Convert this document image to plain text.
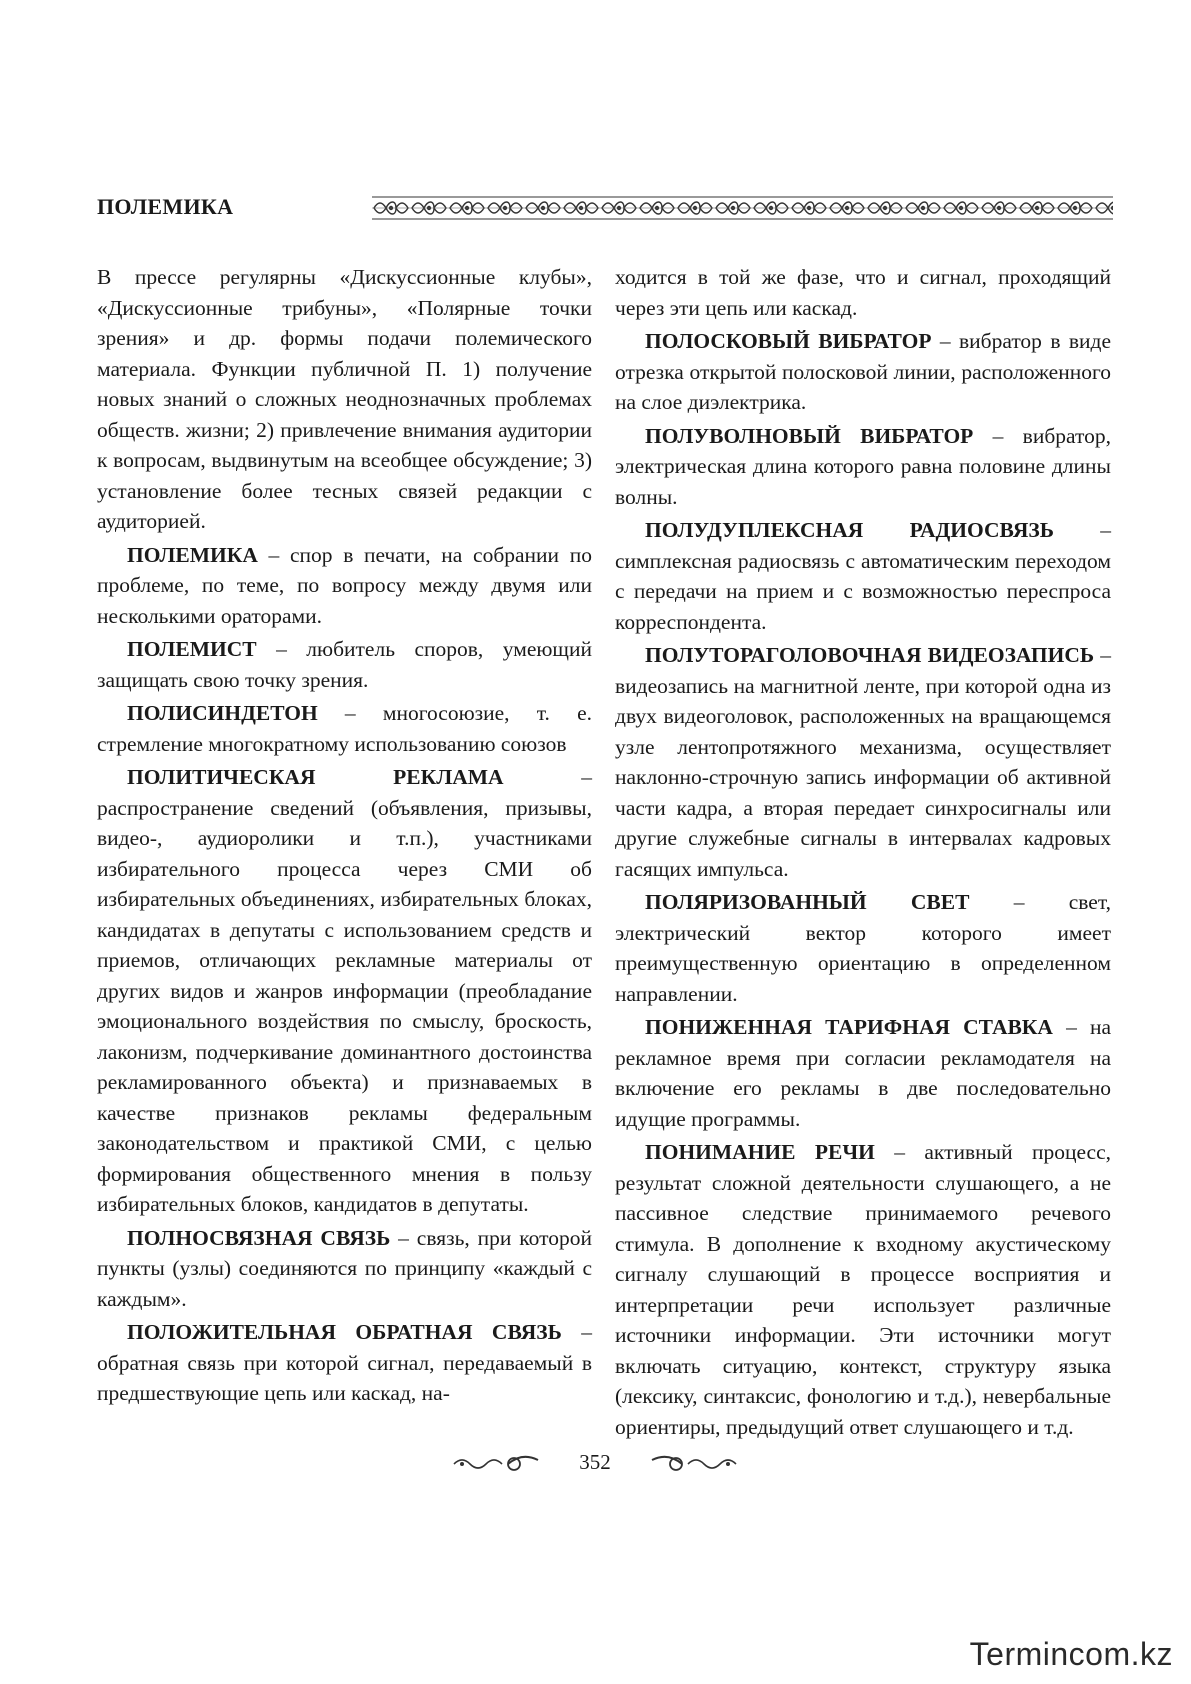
ПОЛЕМИКА

В прессе регулярны «Дискуссионные клубы», «Дискуссионные трибуны», «Полярные точки зрения» и др. формы подачи полемического материала. Функции публичной П. 1) получение новых знаний о сложных неоднозначных проблемах обществ. жизни; 2) привлечение внимания аудитории к вопросам, выдвинутым на всеобщее обсуждение; 3) установление более тесных связей редакции с аудиторией.

ПОЛЕМИКА – спор в печати, на собрании по проблеме, по теме, по вопросу между двумя или несколькими ораторами.

ПОЛЕМИСТ – любитель споров, умеющий защищать свою точку зрения.

ПОЛИСИНДЕТОН – многосоюзие, т. е. стремление многократному использованию союзов

ПОЛИТИЧЕСКАЯ РЕКЛАМА – распространение сведений (объявления, призывы, видео-, аудиоролики и т.п.), участниками избирательного процесса через СМИ об избирательных объединениях, избирательных блоках, кандидатах в депутаты с использованием средств и приемов, отличающих рекламные материалы от других видов и жанров информации (преобладание эмоционального воздействия по смыслу, броскость, лаконизм, подчеркивание доминантного достоинства рекламированного объекта) и признаваемых в качестве признаков рекламы федеральным законодательством и практикой СМИ, с целью формирования общественного мнения в пользу избирательных блоков, кандидатов в депутаты.

ПОЛНОСВЯЗНАЯ СВЯЗЬ – связь, при которой пункты (узлы) соединяются по принципу «каждый с каждым».

ПОЛОЖИТЕЛЬНАЯ ОБРАТНАЯ СВЯЗЬ – обратная связь при которой сигнал, передаваемый в предшествующие цепь или каскад, на-

ходится в той же фазе, что и сигнал, проходящий через эти цепь или каскад.

ПОЛОСКОВЫЙ ВИБРАТОР – вибратор в виде отрезка открытой полосковой линии, расположенного на слое диэлектрика.

ПОЛУВОЛНОВЫЙ ВИБРАТОР – вибратор, электрическая длина которого равна половине длины волны.

ПОЛУДУПЛЕКСНАЯ РАДИОСВЯЗЬ – симплексная радиосвязь с автоматическим переходом с передачи на прием и с возможностью переспроса корреспондента.

ПОЛУТОРАГОЛОВОЧНАЯ ВИДЕОЗАПИСЬ – видеозапись на магнитной ленте, при которой одна из двух видеоголовок, расположенных на вращающемся узле лентопротяжного механизма, осуществляет наклонно-строчную запись информации об активной части кадра, а вторая передает синхросигналы или другие служебные сигналы в интервалах кадровых гасящих импульса.

ПОЛЯРИЗОВАННЫЙ СВЕТ – свет, электрический вектор которого имеет преимущественную ориентацию в определенном направлении.

ПОНИЖЕННАЯ ТАРИФНАЯ СТАВКА – на рекламное время при согласии рекламодателя на включение его рекламы в две последовательно идущие программы.

ПОНИМАНИЕ РЕЧИ – активный процесс, результат сложной деятельности слушающего, а не пассивное следствие принимаемого речевого стимула. В дополнение к входному акустическому сигналу слушающий в процессе восприятия и интерпретации речи использует различные источники информации. Эти источники могут включать ситуацию, контекст, структуру языка (лексику, синтаксис, фонологию и т.д.), невербальные ориентиры, предыдущий ответ слушающего и т.д.

352
Termincom.kz
